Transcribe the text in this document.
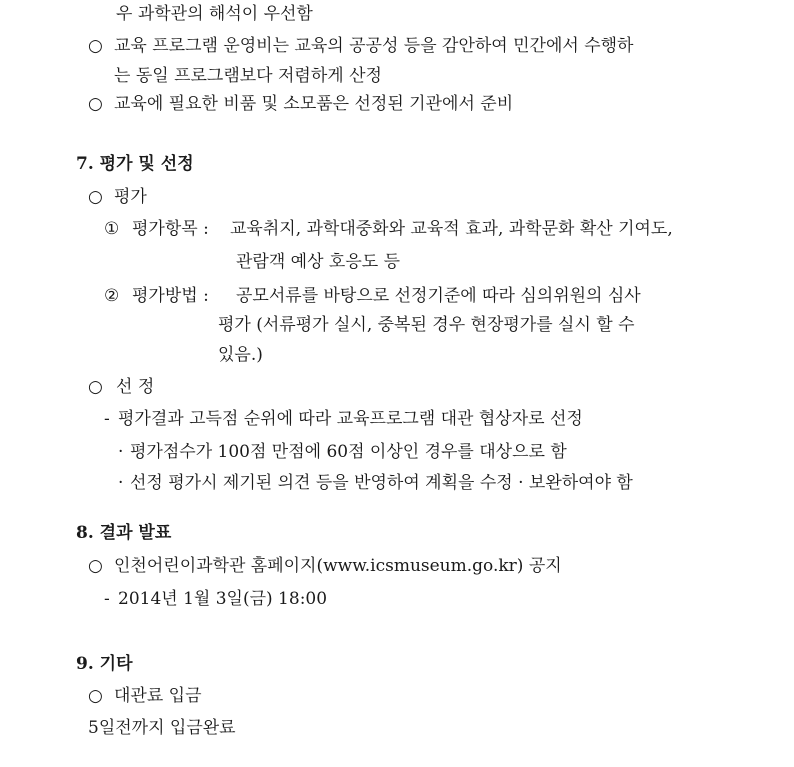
우 과학관의 해석이 우선함
○ 교육 프로그램 운영비는 교육의 공공성 등을 감안하여 민간에서 수행하
는 동일 프로그램보다 저렴하게 산정
○ 교육에 필요한 비품 및 소모품은 선정된 기관에서 준비
7. 평가 및 선정
○ 평가
① 평가항목 : 교육취지, 과학대중화와 교육적 효과, 과학문화 확산 기여도,
관람객 예상 호응도 등
② 평가방법 : 공모서류를 바탕으로 선정기준에 따라 심의위원의 심사
평가 (서류평가 실시, 중복된 경우 현장평가를 실시 할 수
있음.)
○ 선 정
- 평가결과 고득점 순위에 따라 교육프로그램 대관 협상자로 선정
· 평가점수가 100점 만점에 60점 이상인 경우를 대상으로 함
· 선정 평가시 제기된 의견 등을 반영하여 계획을 수정 · 보완하여야 함
8. 결과 발표
○ 인천어린이과학관 홈페이지(www.icsmuseum.go.kr) 공지
- 2014년 1월 3일(금) 18:00
9. 기타
○ 대관료 입금
5일전까지 입금완료
